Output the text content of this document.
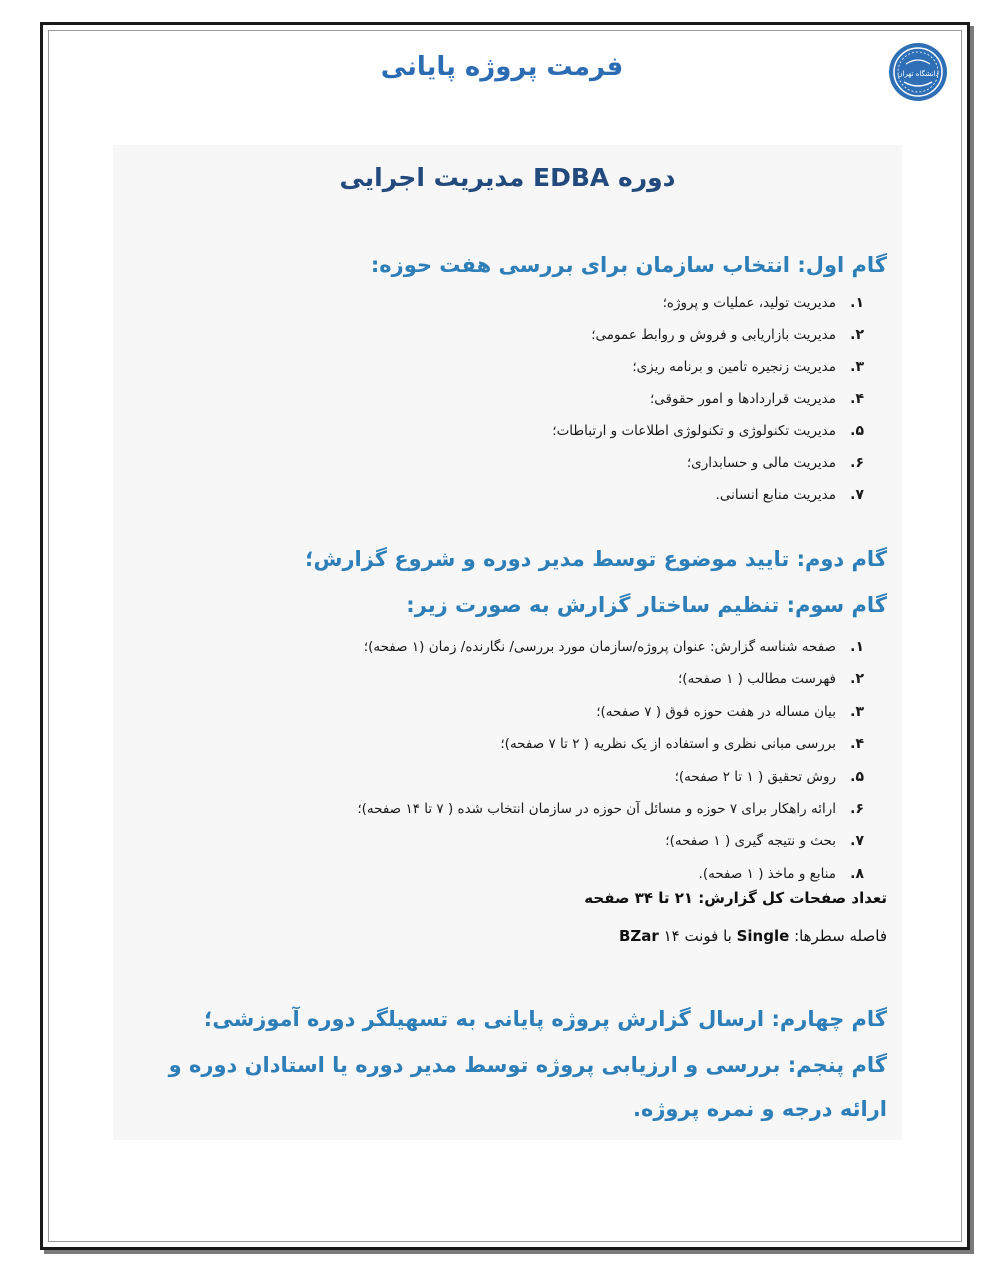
فرمت پروژه پایانی	دانشگاه تهران
دوره EDBA مدیریت اجرایی
گام اول: انتخاب سازمان برای بررسی هفت حوزه:
۱.مدیریت تولید، عملیات و پروژه؛
۲.مدیریت بازاریابی و فروش و روابط عمومی؛
۳.مدیریت زنجیره تامین و برنامه ریزی؛
۴.مدیریت قراردادها و امور حقوقی؛
۵.مدیریت تکنولوژی و تکنولوژی اطلاعات و ارتباطات؛
۶.مدیریت مالی و حسابداری؛
۷.مدیریت منابع انسانی.
گام دوم: تایید موضوع توسط مدیر دوره و شروع گزارش؛
گام سوم: تنظیم ساختار گزارش به صورت زیر:
۱.صفحه شناسه گزارش: عنوان پروژه/سازمان مورد بررسی/ نگارنده/ زمان (۱ صفحه)؛
۲.فهرست مطالب ( ۱ صفحه)؛
۳.بیان مساله در هفت حوزه فوق ( ۷ صفحه)؛
۴.بررسی مبانی نظری و استفاده از یک نظریه ( ۲ تا ۷ صفحه)؛
۵.روش تحقیق ( ۱ تا ۲ صفحه)؛
۶.ارائه راهکار برای ۷ حوزه و مسائل آن حوزه در سازمان انتخاب شده ( ۷ تا ۱۴ صفحه)؛
۷.بحث و نتیجه گیری ( ۱ صفحه)؛
۸.منابع و ماخذ ( ۱ صفحه).
تعداد صفحات کل گزارش: ۲۱ تا ۳۴ صفحه
فاصله سطرها: Single با فونت ۱۴ BZar
گام چهارم: ارسال گزارش پروژه پایانی به تسهیلگر دوره آموزشی؛
گام پنجم: بررسی و ارزیابی پروژه توسط مدیر دوره یا استادان دوره و ارائه درجه و نمره پروژه.
